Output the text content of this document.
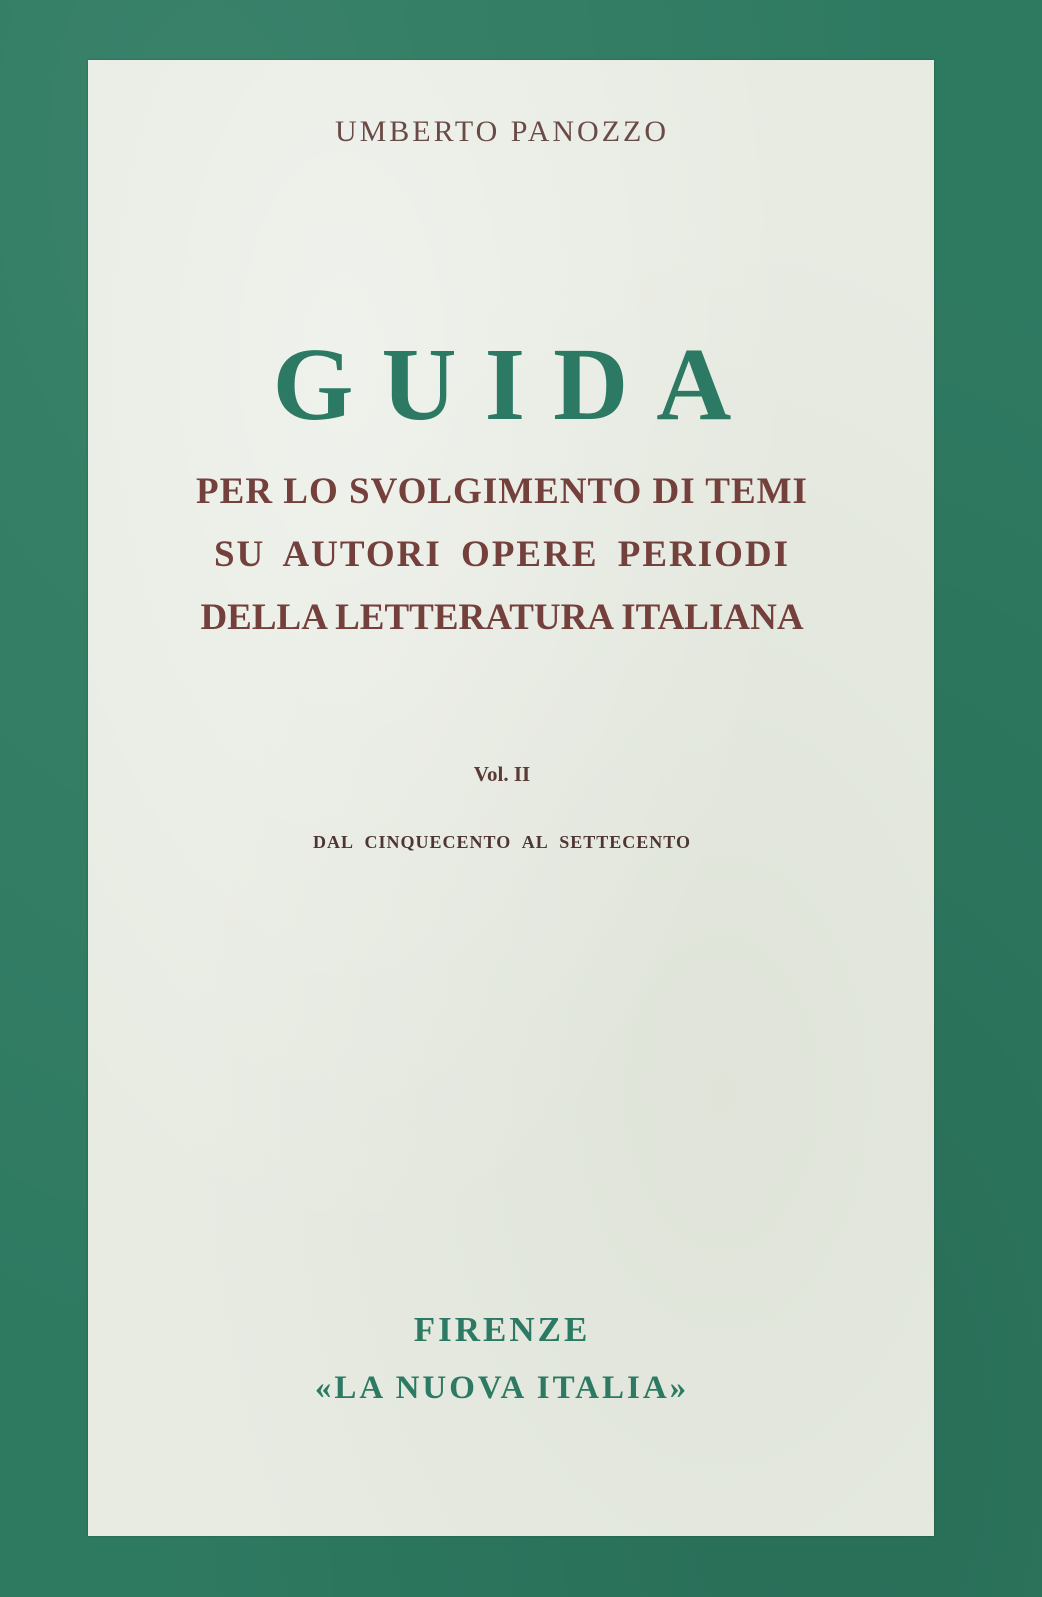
UMBERTO PANOZZO

GUIDA

PER LO SVOLGIMENTO DI TEMI

SU AUTORI OPERE PERIODI

DELLA LETTERATURA ITALIANA

Vol. II

DAL CINQUECENTO AL SETTECENTO

FIRENZE

«LA NUOVA ITALIA»
